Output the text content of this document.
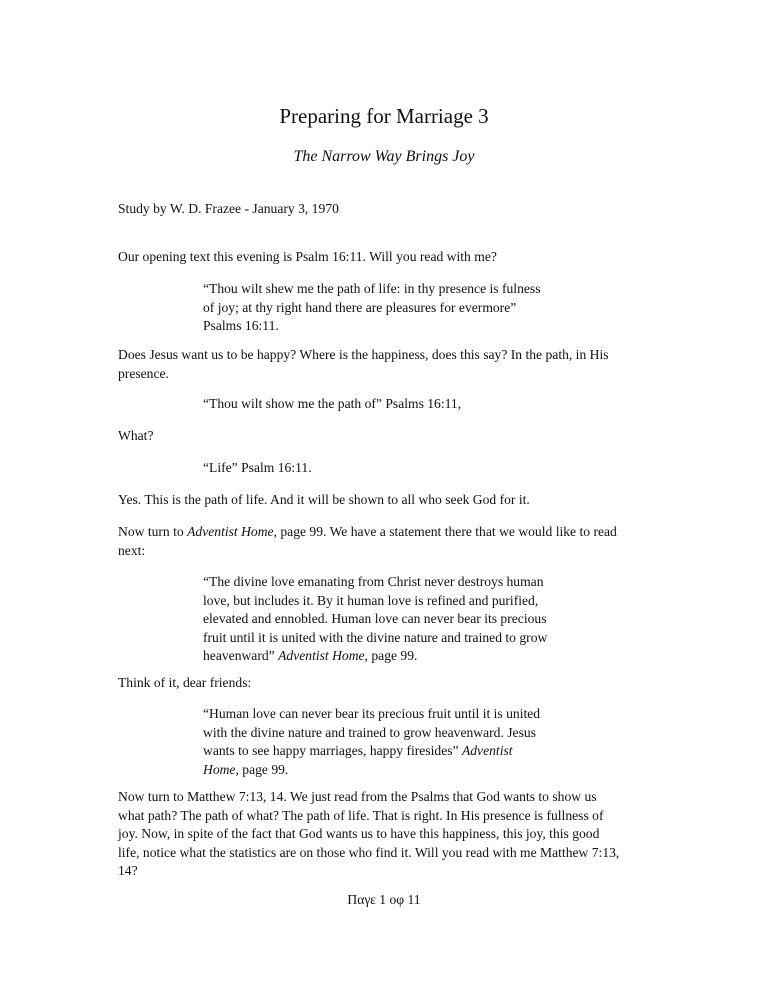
Preparing for Marriage 3
The Narrow Way Brings Joy
Study by W. D. Frazee - January 3, 1970
Our opening text this evening is Psalm 16:11. Will you read with me?
“Thou wilt shew me the path of life: in thy presence is fulness
of joy; at thy right hand there are pleasures for evermore”
Psalms 16:11.
Does Jesus want us to be happy? Where is the happiness, does this say? In the path, in His
presence.
“Thou wilt show me the path of” Psalms 16:11,
What?
“Life” Psalm 16:11.
Yes. This is the path of life. And it will be shown to all who seek God for it.
Now turn to Adventist Home, page 99. We have a statement there that we would like to read
next:
“The divine love emanating from Christ never destroys human
love, but includes it. By it human love is refined and purified,
elevated and ennobled. Human love can never bear its precious
fruit until it is united with the divine nature and trained to grow
heavenward” Adventist Home, page 99.
Think of it, dear friends:
“Human love can never bear its precious fruit until it is united
with the divine nature and trained to grow heavenward. Jesus
wants to see happy marriages, happy firesides” Adventist
Home, page 99.
Now turn to Matthew 7:13, 14. We just read from the Psalms that God wants to show us
what path? The path of what? The path of life. That is right. In His presence is fullness of
joy. Now, in spite of the fact that God wants us to have this happiness, this joy, this good
life, notice what the statistics are on those who find it. Will you read with me Matthew 7:13,
14?
Παγε 1 οφ 11
